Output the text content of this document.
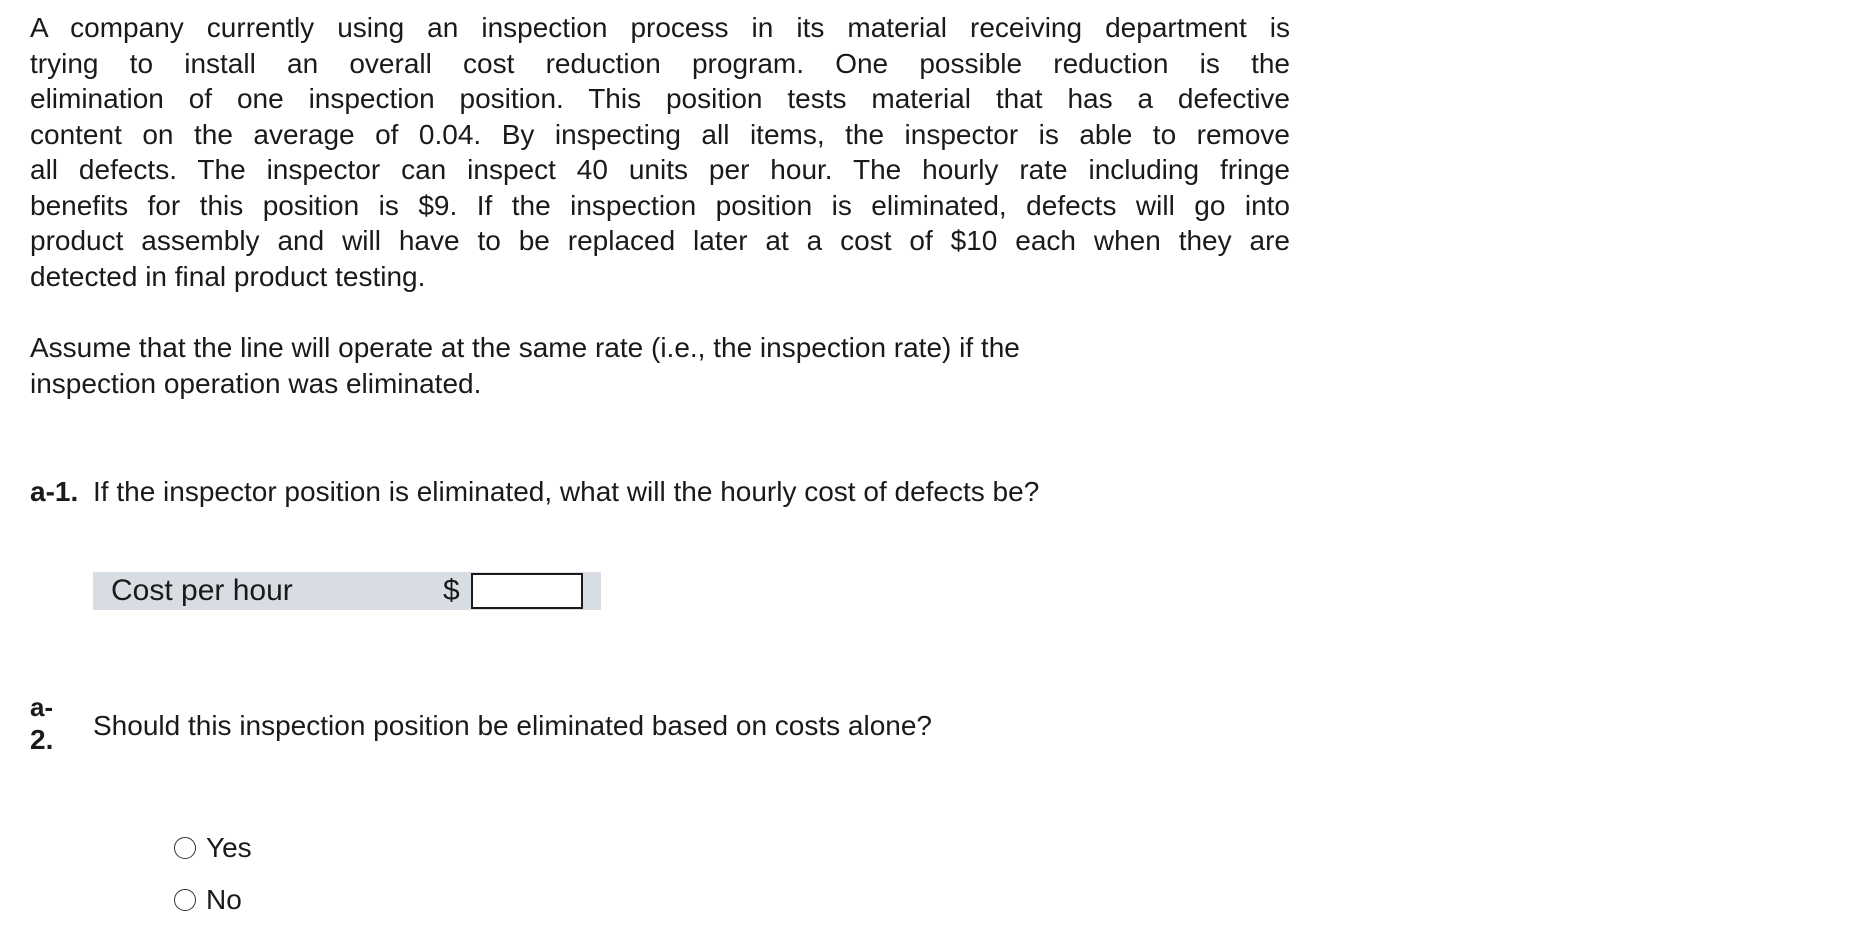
A company currently using an inspection process in its material receiving department is
trying to install an overall cost reduction program. One possible reduction is the
elimination of one inspection position. This position tests material that has a defective
content on the average of 0.04. By inspecting all items, the inspector is able to remove
all defects. The inspector can inspect 40 units per hour. The hourly rate including fringe
benefits for this position is $9. If the inspection position is eliminated, defects will go into
product assembly and will have to be replaced later at a cost of $10 each when they are
detected in final product testing.
Assume that the line will operate at the same rate (i.e., the inspection rate) if the
inspection operation was eliminated.
a-1. If the inspector position is eliminated, what will the hourly cost of defects be?
Cost per hour	$
a-
2. Should this inspection position be eliminated based on costs alone?
Yes
No
